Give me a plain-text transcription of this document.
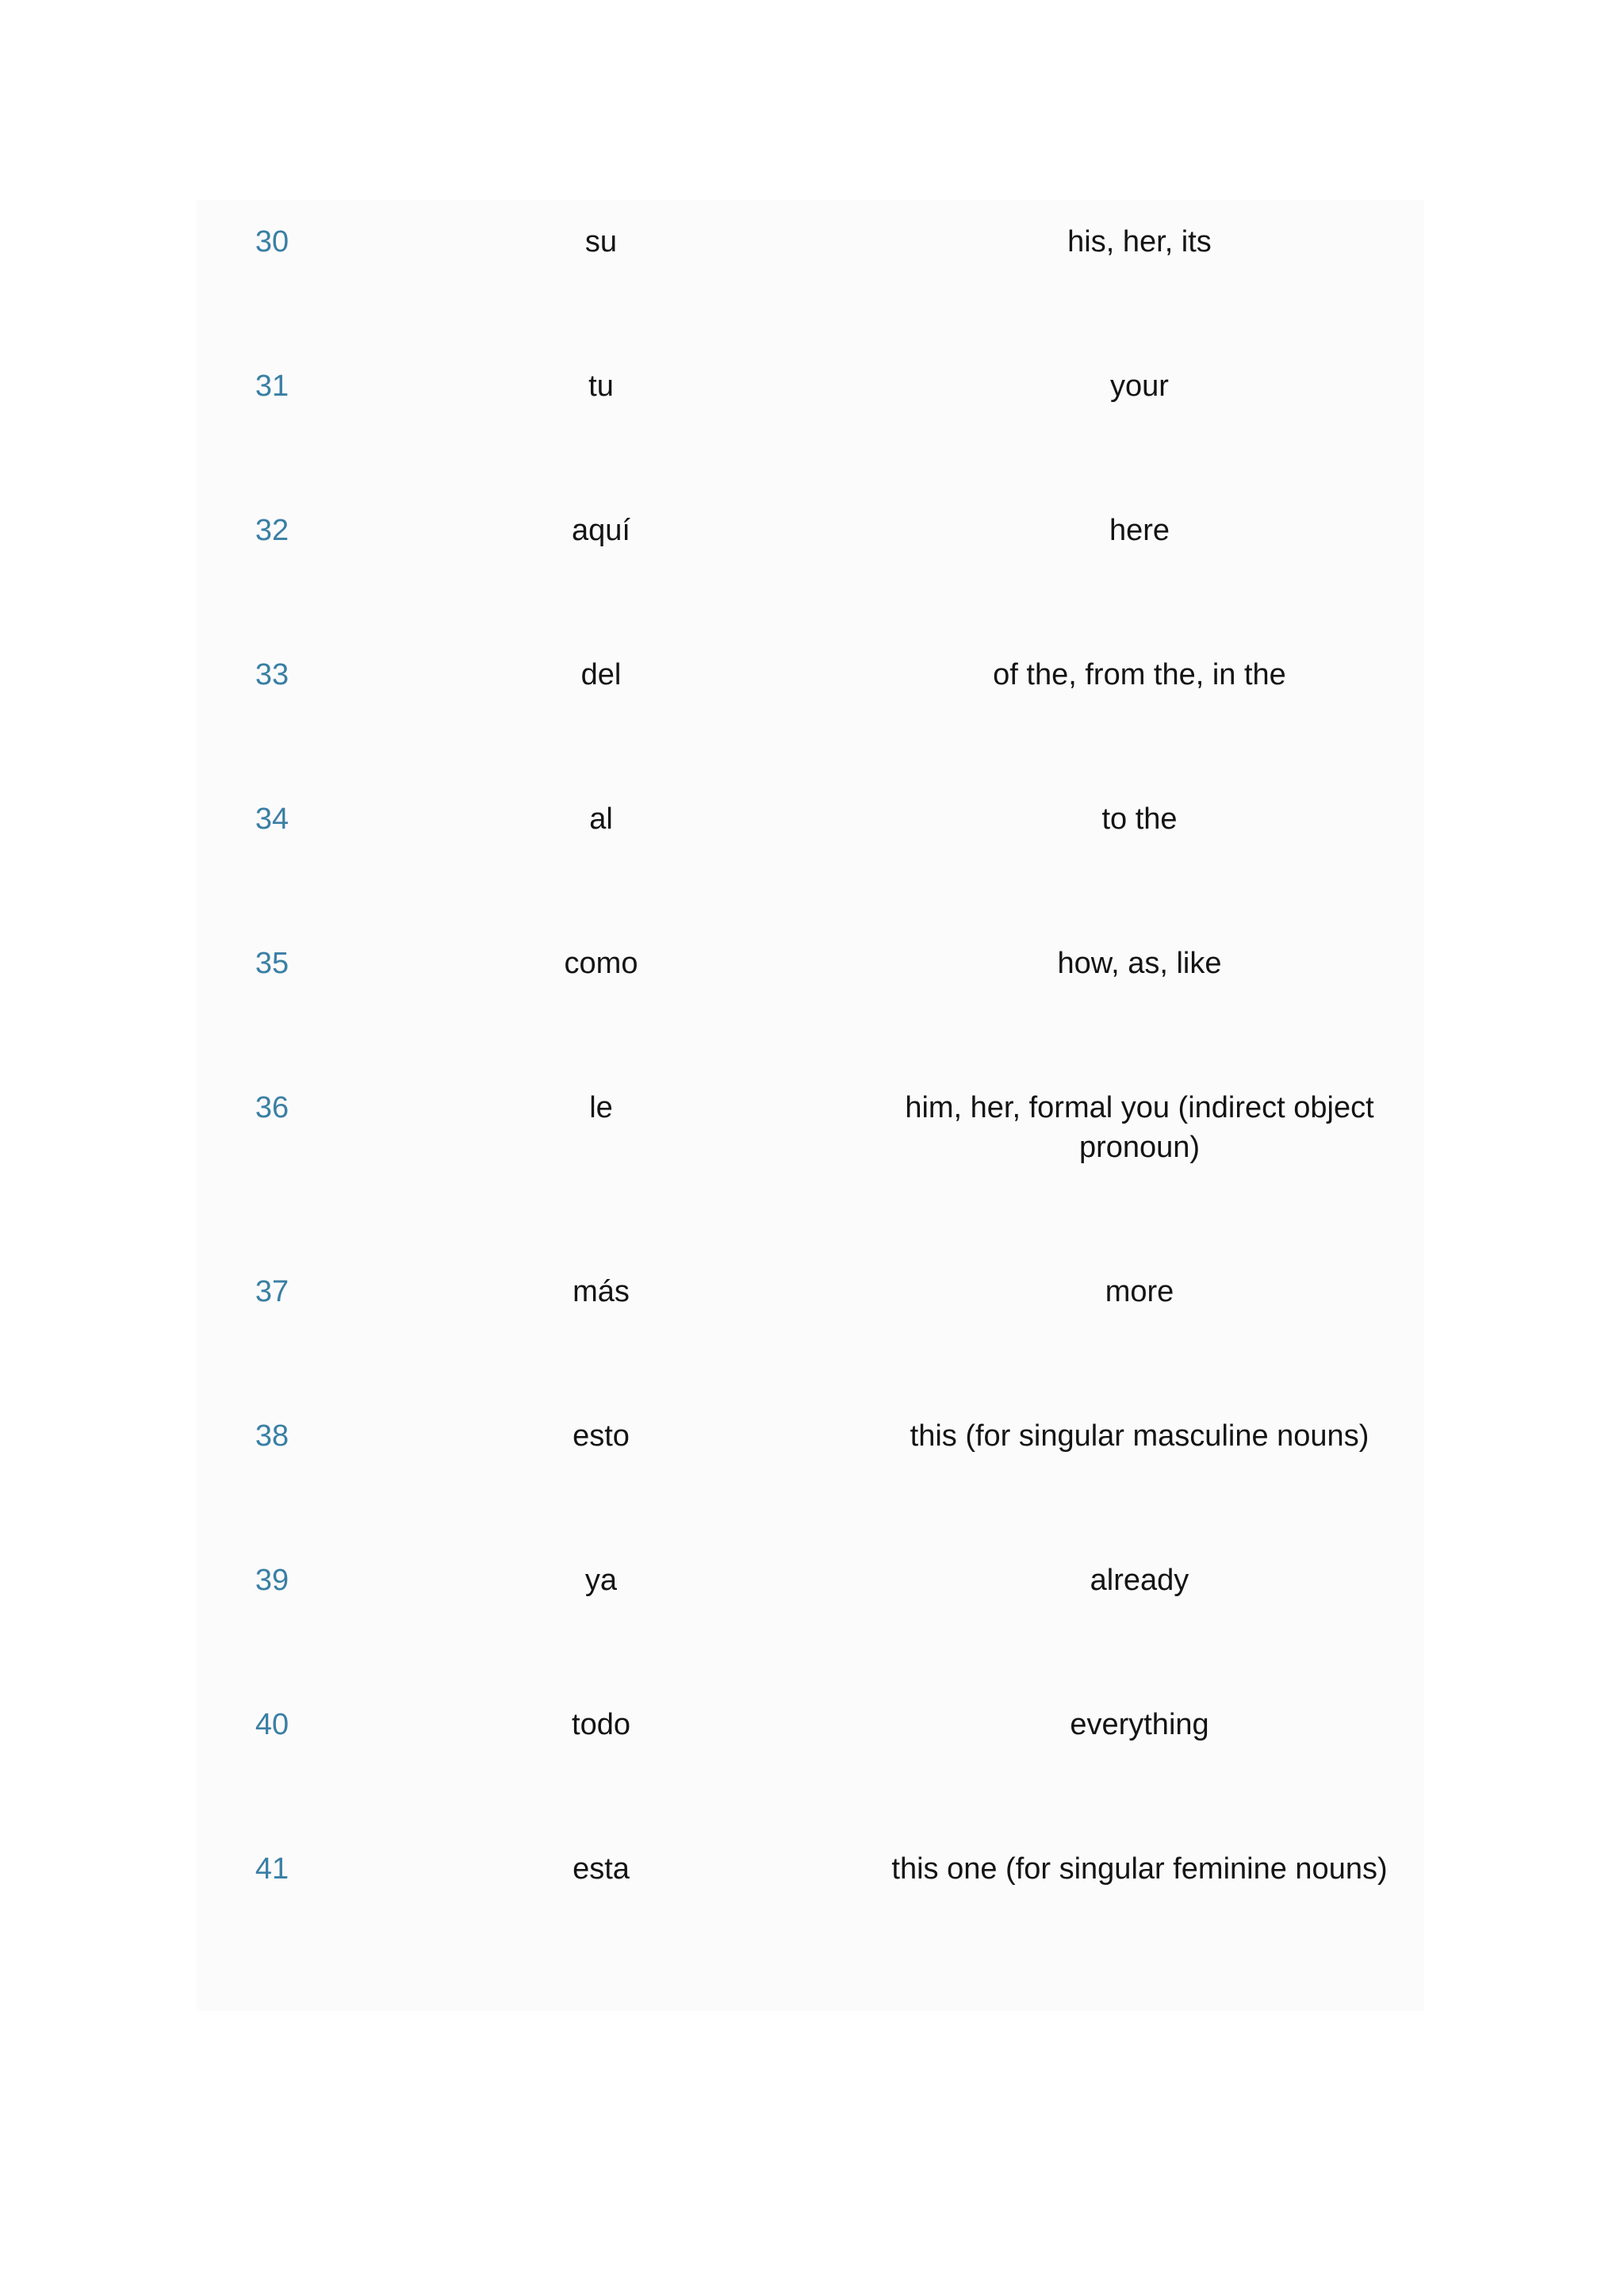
30	su	his, her, its
31	tu	your
32	aquí	here
33	del	of the, from the, in the
34	al	to the
35	como	how, as, like
36	le	him, her, formal you (indirect object pronoun)
37	más	more
38	esto	this (for singular masculine nouns)
39	ya	already
40	todo	everything
41	esta	this one (for singular feminine nouns)
